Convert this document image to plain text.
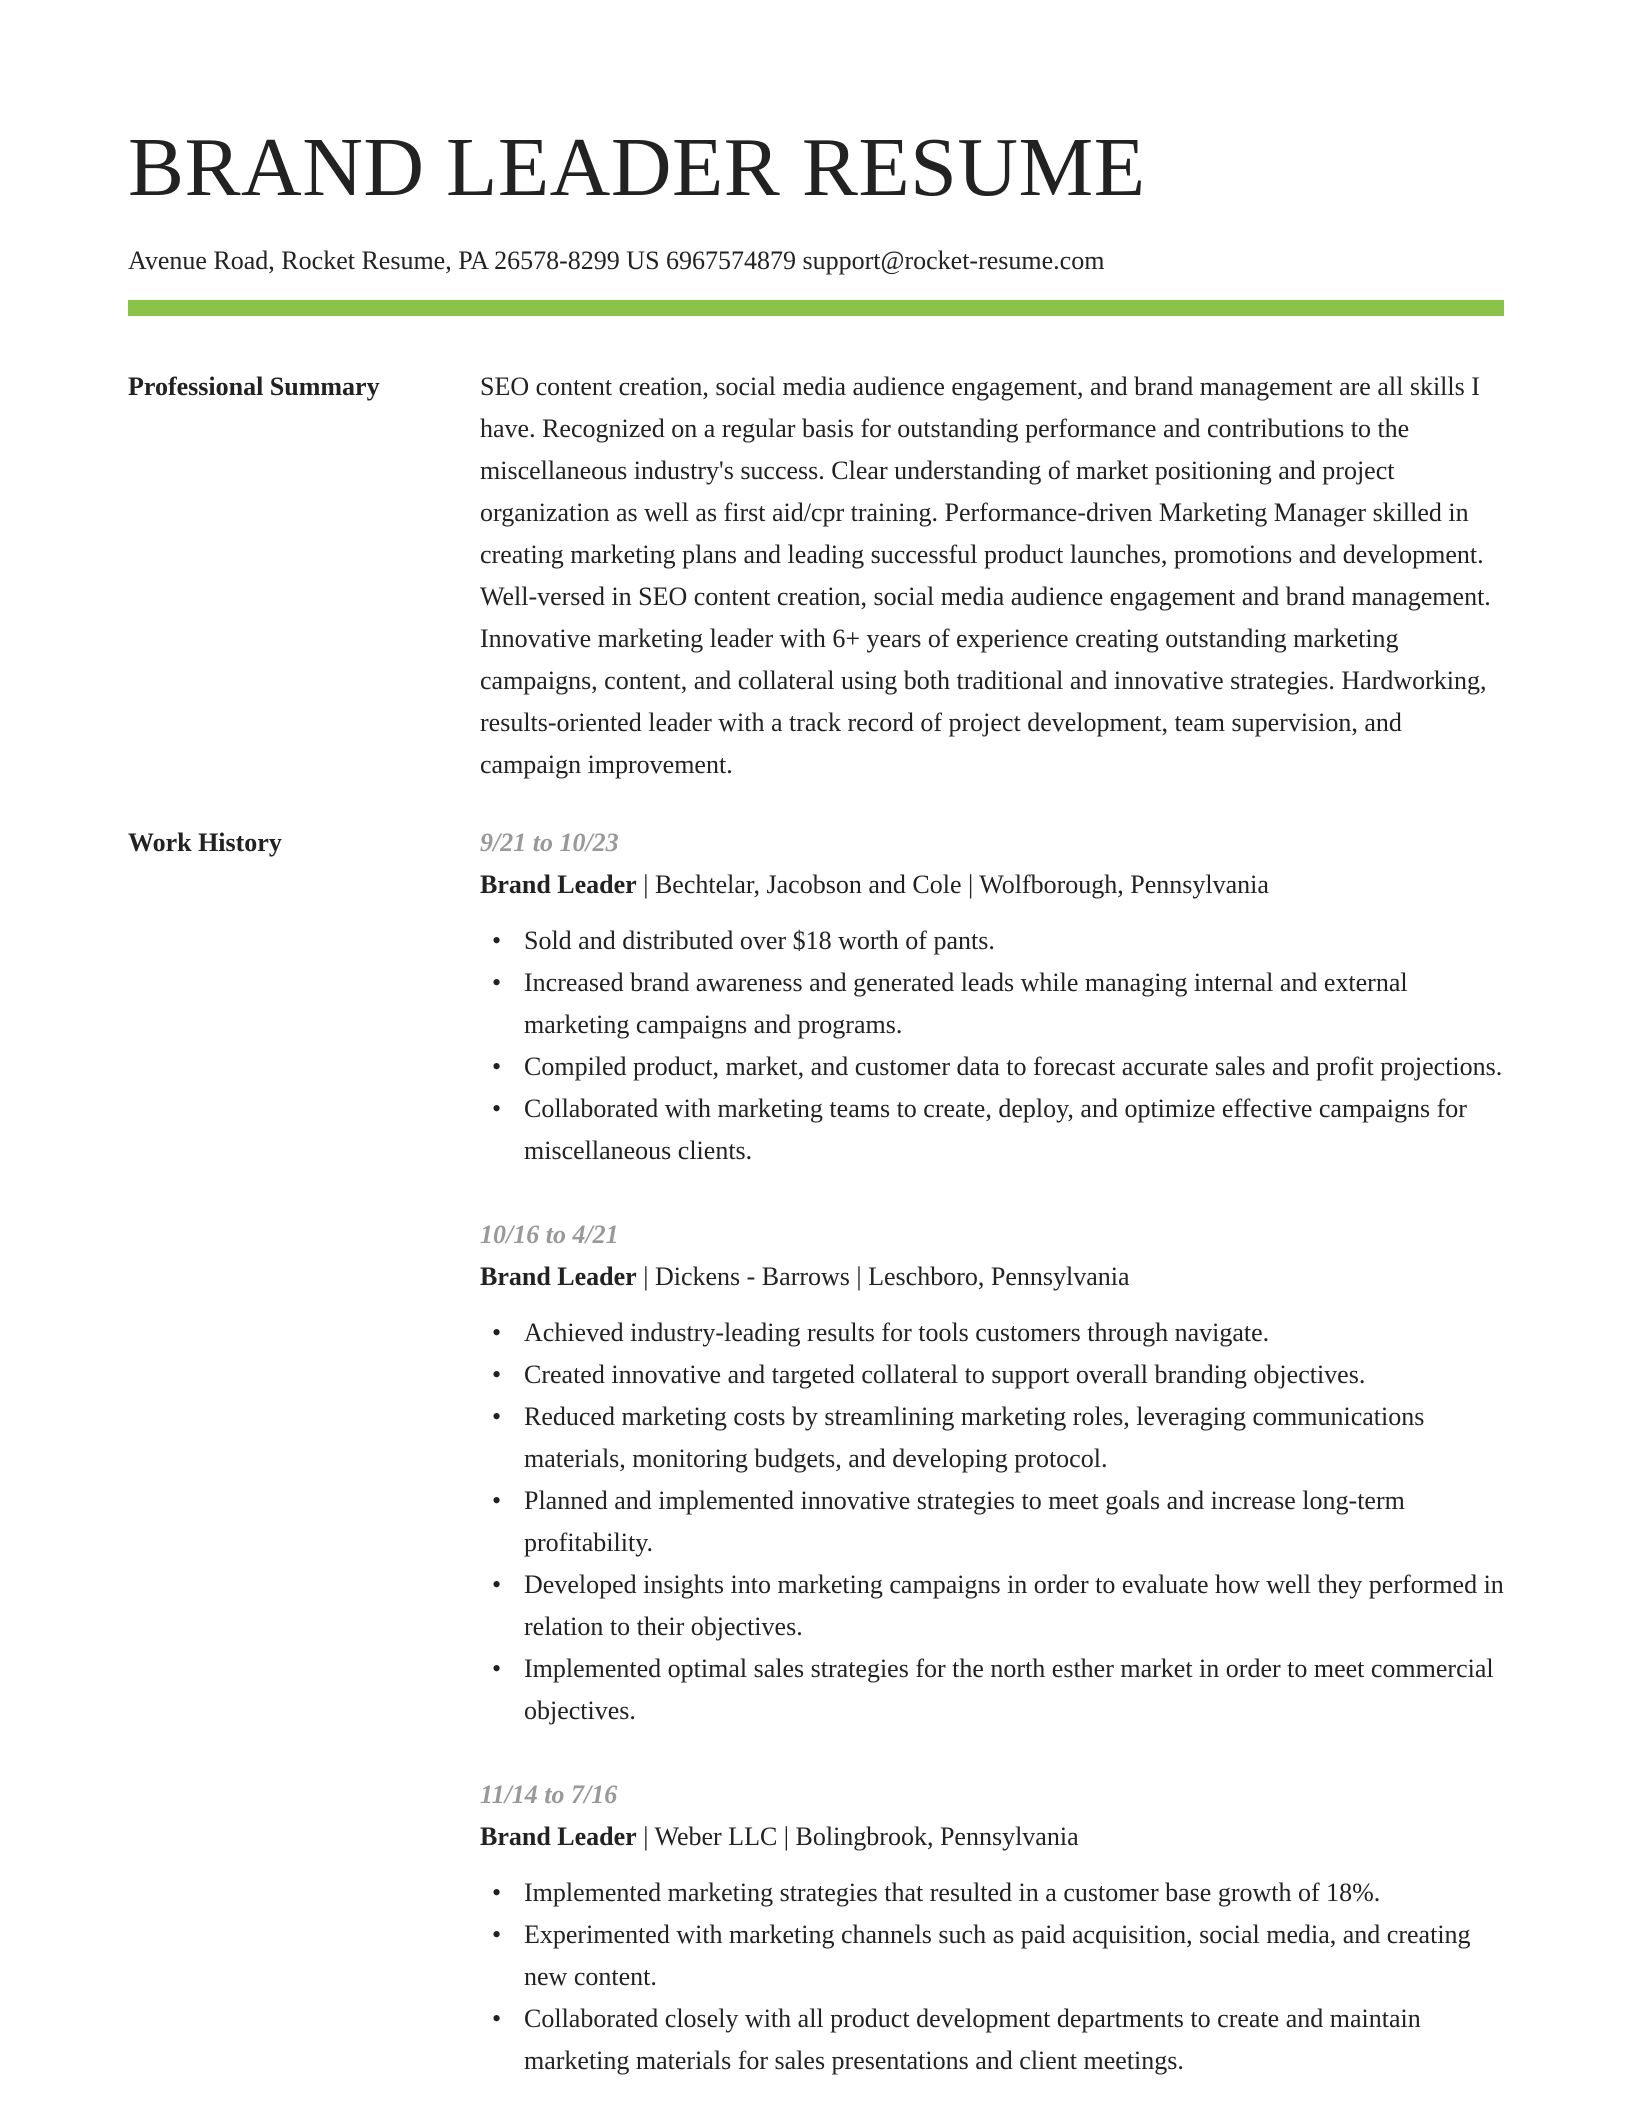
BRAND LEADER RESUME
Avenue Road, Rocket Resume, PA 26578-8299 US 6967574879 support@rocket-resume.com
Professional Summary	SEO content creation, social media audience engagement, and brand management are all skills I have. Recognized on a regular basis for outstanding performance and contributions to the miscellaneous industry's success. Clear understanding of market positioning and project organization as well as first aid/cpr training. Performance-driven Marketing Manager skilled in creating marketing plans and leading successful product launches, promotions and development. Well-versed in SEO content creation, social media audience engagement and brand management. Innovative marketing leader with 6+ years of experience creating outstanding marketing campaigns, content, and collateral using both traditional and innovative strategies. Hardworking, results-oriented leader with a track record of project development, team supervision, and campaign improvement.

Work History	9/21 to 10/23
Brand Leader | Bechtelar, Jacobson and Cole | Wolfborough, Pennsylvania
• Sold and distributed over $18 worth of pants.
• Increased brand awareness and generated leads while managing internal and external marketing campaigns and programs.
• Compiled product, market, and customer data to forecast accurate sales and profit projections.
• Collaborated with marketing teams to create, deploy, and optimize effective campaigns for miscellaneous clients.
10/16 to 4/21
Brand Leader | Dickens - Barrows | Leschboro, Pennsylvania
• Achieved industry-leading results for tools customers through navigate.
• Created innovative and targeted collateral to support overall branding objectives.
• Reduced marketing costs by streamlining marketing roles, leveraging communications materials, monitoring budgets, and developing protocol.
• Planned and implemented innovative strategies to meet goals and increase long-term profitability.
• Developed insights into marketing campaigns in order to evaluate how well they performed in relation to their objectives.
• Implemented optimal sales strategies for the north esther market in order to meet commercial objectives.
11/14 to 7/16
Brand Leader | Weber LLC | Bolingbrook, Pennsylvania
• Implemented marketing strategies that resulted in a customer base growth of 18%.
• Experimented with marketing channels such as paid acquisition, social media, and creating new content.
• Collaborated closely with all product development departments to create and maintain marketing materials for sales presentations and client meetings.
